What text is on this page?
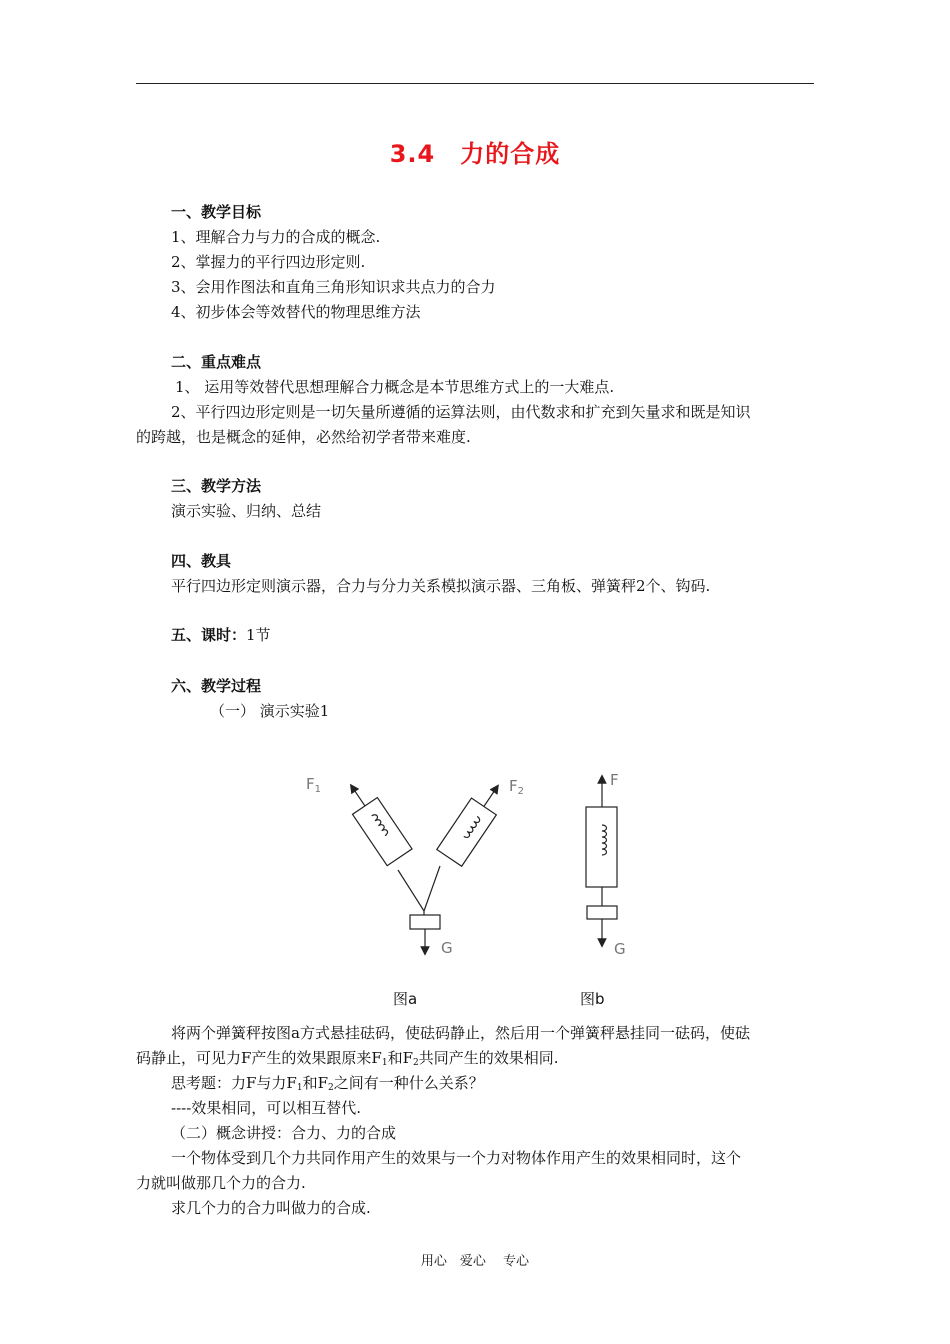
3.4　力的合成
一、教学目标
1、理解合力与力的合成的概念.
2、掌握力的平行四边形定则.
3、会用作图法和直角三角形知识求共点力的合力
4、初步体会等效替代的物理思维方法
二、重点难点
1、 运用等效替代思想理解合力概念是本节思维方式上的一大难点.
2、平行四边形定则是一切矢量所遵循的运算法则，由代数求和扩充到矢量求和既是知识
的跨越，也是概念的延伸，必然给初学者带来难度.
三、教学方法
演示实验、归纳、总结
四、教具
平行四边形定则演示器，合力与分力关系模拟演示器、三角板、弹簧秤2个、钩码.
五、课时：1节
六、教学过程
（一） 演示实验1
$F_1$	$F_2$
G
F
G
图a	图b
将两个弹簧秤按图a方式悬挂砝码，使砝码静止，然后用一个弹簧秤悬挂同一砝码，使砝
码静止，可见力F产生的效果跟原来$F_1$和$F_2$共同产生的效果相同.
思考题：力F与力$F_1$和$F_2$之间有一种什么关系？
----效果相同，可以相互替代.
（二）概念讲授：合力、力的合成
一个物体受到几个力共同作用产生的效果与一个力对物体作用产生的效果相同时，这个
力就叫做那几个力的合力.
求几个力的合力叫做力的合成.
用心　爱心　 专心
